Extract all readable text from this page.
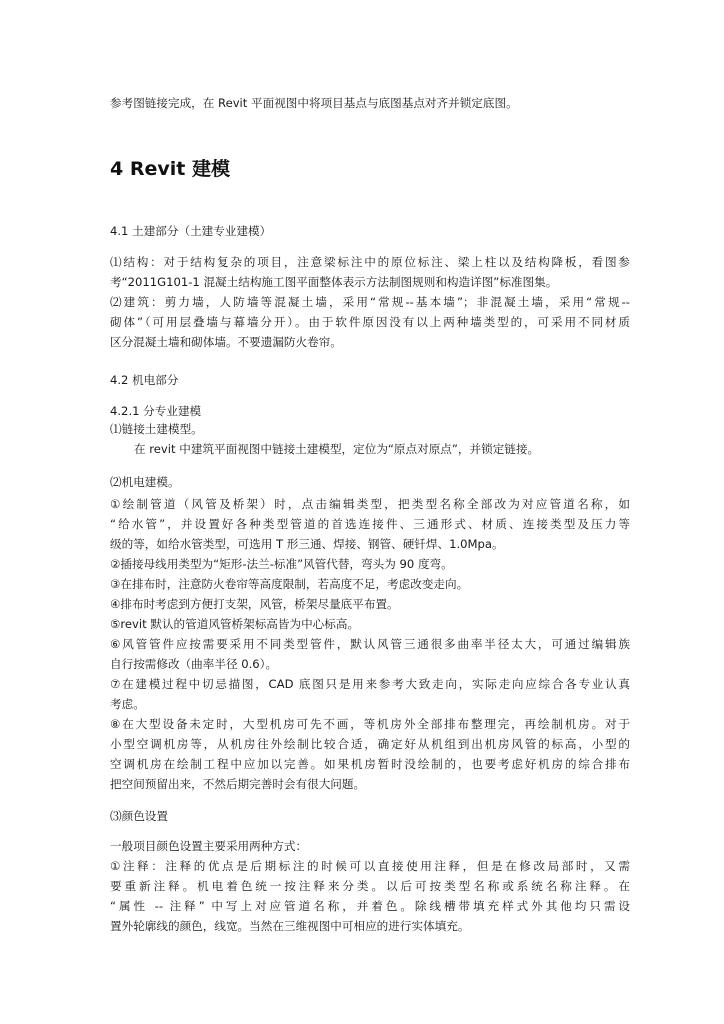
参考图链接完成，在 Revit 平面视图中将项目基点与底图基点对齐并锁定底图。
4 Revit 建模
4.1 土建部分（土建专业建模）
⑴结构：对于结构复杂的项目，注意梁标注中的原位标注、梁上柱以及结构降板，看图参
考“2011G101-1 混凝土结构施工图平面整体表示方法制图规则和构造详图”标准图集。
⑵建筑：剪力墙，人防墙等混凝土墙，采用“常规--基本墙”；非混凝土墙，采用“常规--
砌体”（可用层叠墙与幕墙分开）。由于软件原因没有以上两种墙类型的，可采用不同材质
区分混凝土墙和砌体墙。不要遗漏防火卷帘。
4.2 机电部分
4.2.1 分专业建模
⑴链接土建模型。
在 revit 中建筑平面视图中链接土建模型，定位为“原点对原点”，并锁定链接。
⑵机电建模。
①绘制管道（风管及桥架）时，点击编辑类型，把类型名称全部改为对应管道名称，如
“给水管”，并设置好各种类型管道的首选连接件、三通形式、材质、连接类型及压力等
级的等，如给水管类型，可选用 T 形三通、焊接、钢管、硬钎焊、1.0Mpa。
②插接母线用类型为“矩形-法兰-标准”风管代替，弯头为 90 度弯。
③在排布时，注意防火卷帘等高度限制，若高度不足，考虑改变走向。
④排布时考虑到方便打支架，风管，桥架尽量底平布置。
⑤revit 默认的管道风管桥架标高皆为中心标高。
⑥风管管件应按需要采用不同类型管件，默认风管三通很多曲率半径太大，可通过编辑族
自行按需修改（曲率半径 0.6）。
⑦在建模过程中切忌描图，CAD 底图只是用来参考大致走向，实际走向应综合各专业认真
考虑。
⑧在大型设备未定时，大型机房可先不画，等机房外全部排布整理完，再绘制机房。对于
小型空调机房等，从机房往外绘制比较合适，确定好从机组到出机房风管的标高，小型的
空调机房在绘制工程中应加以完善。如果机房暂时没绘制的，也要考虑好机房的综合排布
把空间预留出来，不然后期完善时会有很大问题。
⑶颜色设置
一般项目颜色设置主要采用两种方式：
①注释：注释的优点是后期标注的时候可以直接使用注释，但是在修改局部时，又需
要重新注释。机电着色统一按注释来分类。以后可按类型名称或系统名称注释。在
“属性 -- 注释” 中写上对应管道名称，并着色。除线槽带填充样式外其他均只需设
置外轮廓线的颜色，线宽。当然在三维视图中可相应的进行实体填充。
